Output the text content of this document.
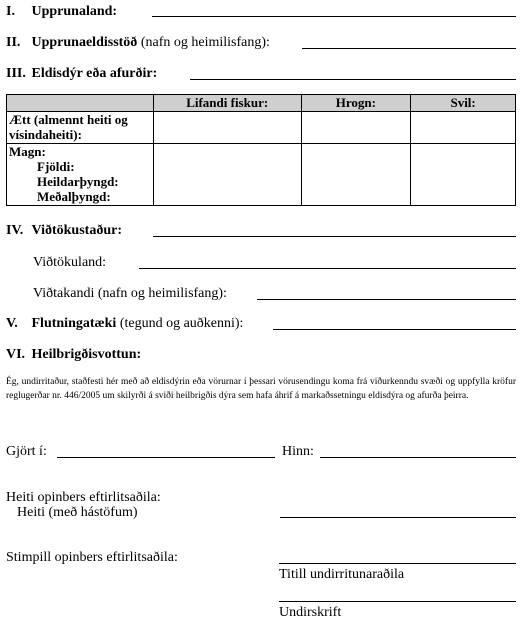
I. Upprunaland:
II. Upprunaeldisstöð (nafn og heimilisfang):
III. Eldisdýr eða afurðir:
	Lifandi fiskur:	Hrogn:	Svil:

Ætt (almennt heiti og
vísindaheiti):			

Magn:
Fjöldi:
Heildarþyngd:
Meðalþyngd:			

IV. Viðtökustaður:
Viðtökuland:
Viðtakandi (nafn og heimilisfang):
V. Flutningatæki (tegund og auðkenni):
VI. Heilbrigðisvottun:
Ég, undirritaður, staðfesti hér með að eldisdýrin eða vörurnar í þessari vörusendingu koma frá viðurkenndu svæði og uppfylla kröfur reglugerðar nr. 446/2005 um skilyrði á sviði heilbrigðis dýra sem hafa áhrif á markaðssetningu eldisdýra og afurða þeirra.
Gjört í:	Hinn:
Heiti opinbers eftirlitsaðila:
Heiti (með hástöfum)
Stimpill opinbers eftirlitsaðila:
Titill undirritunaraðila
Undirskrift
